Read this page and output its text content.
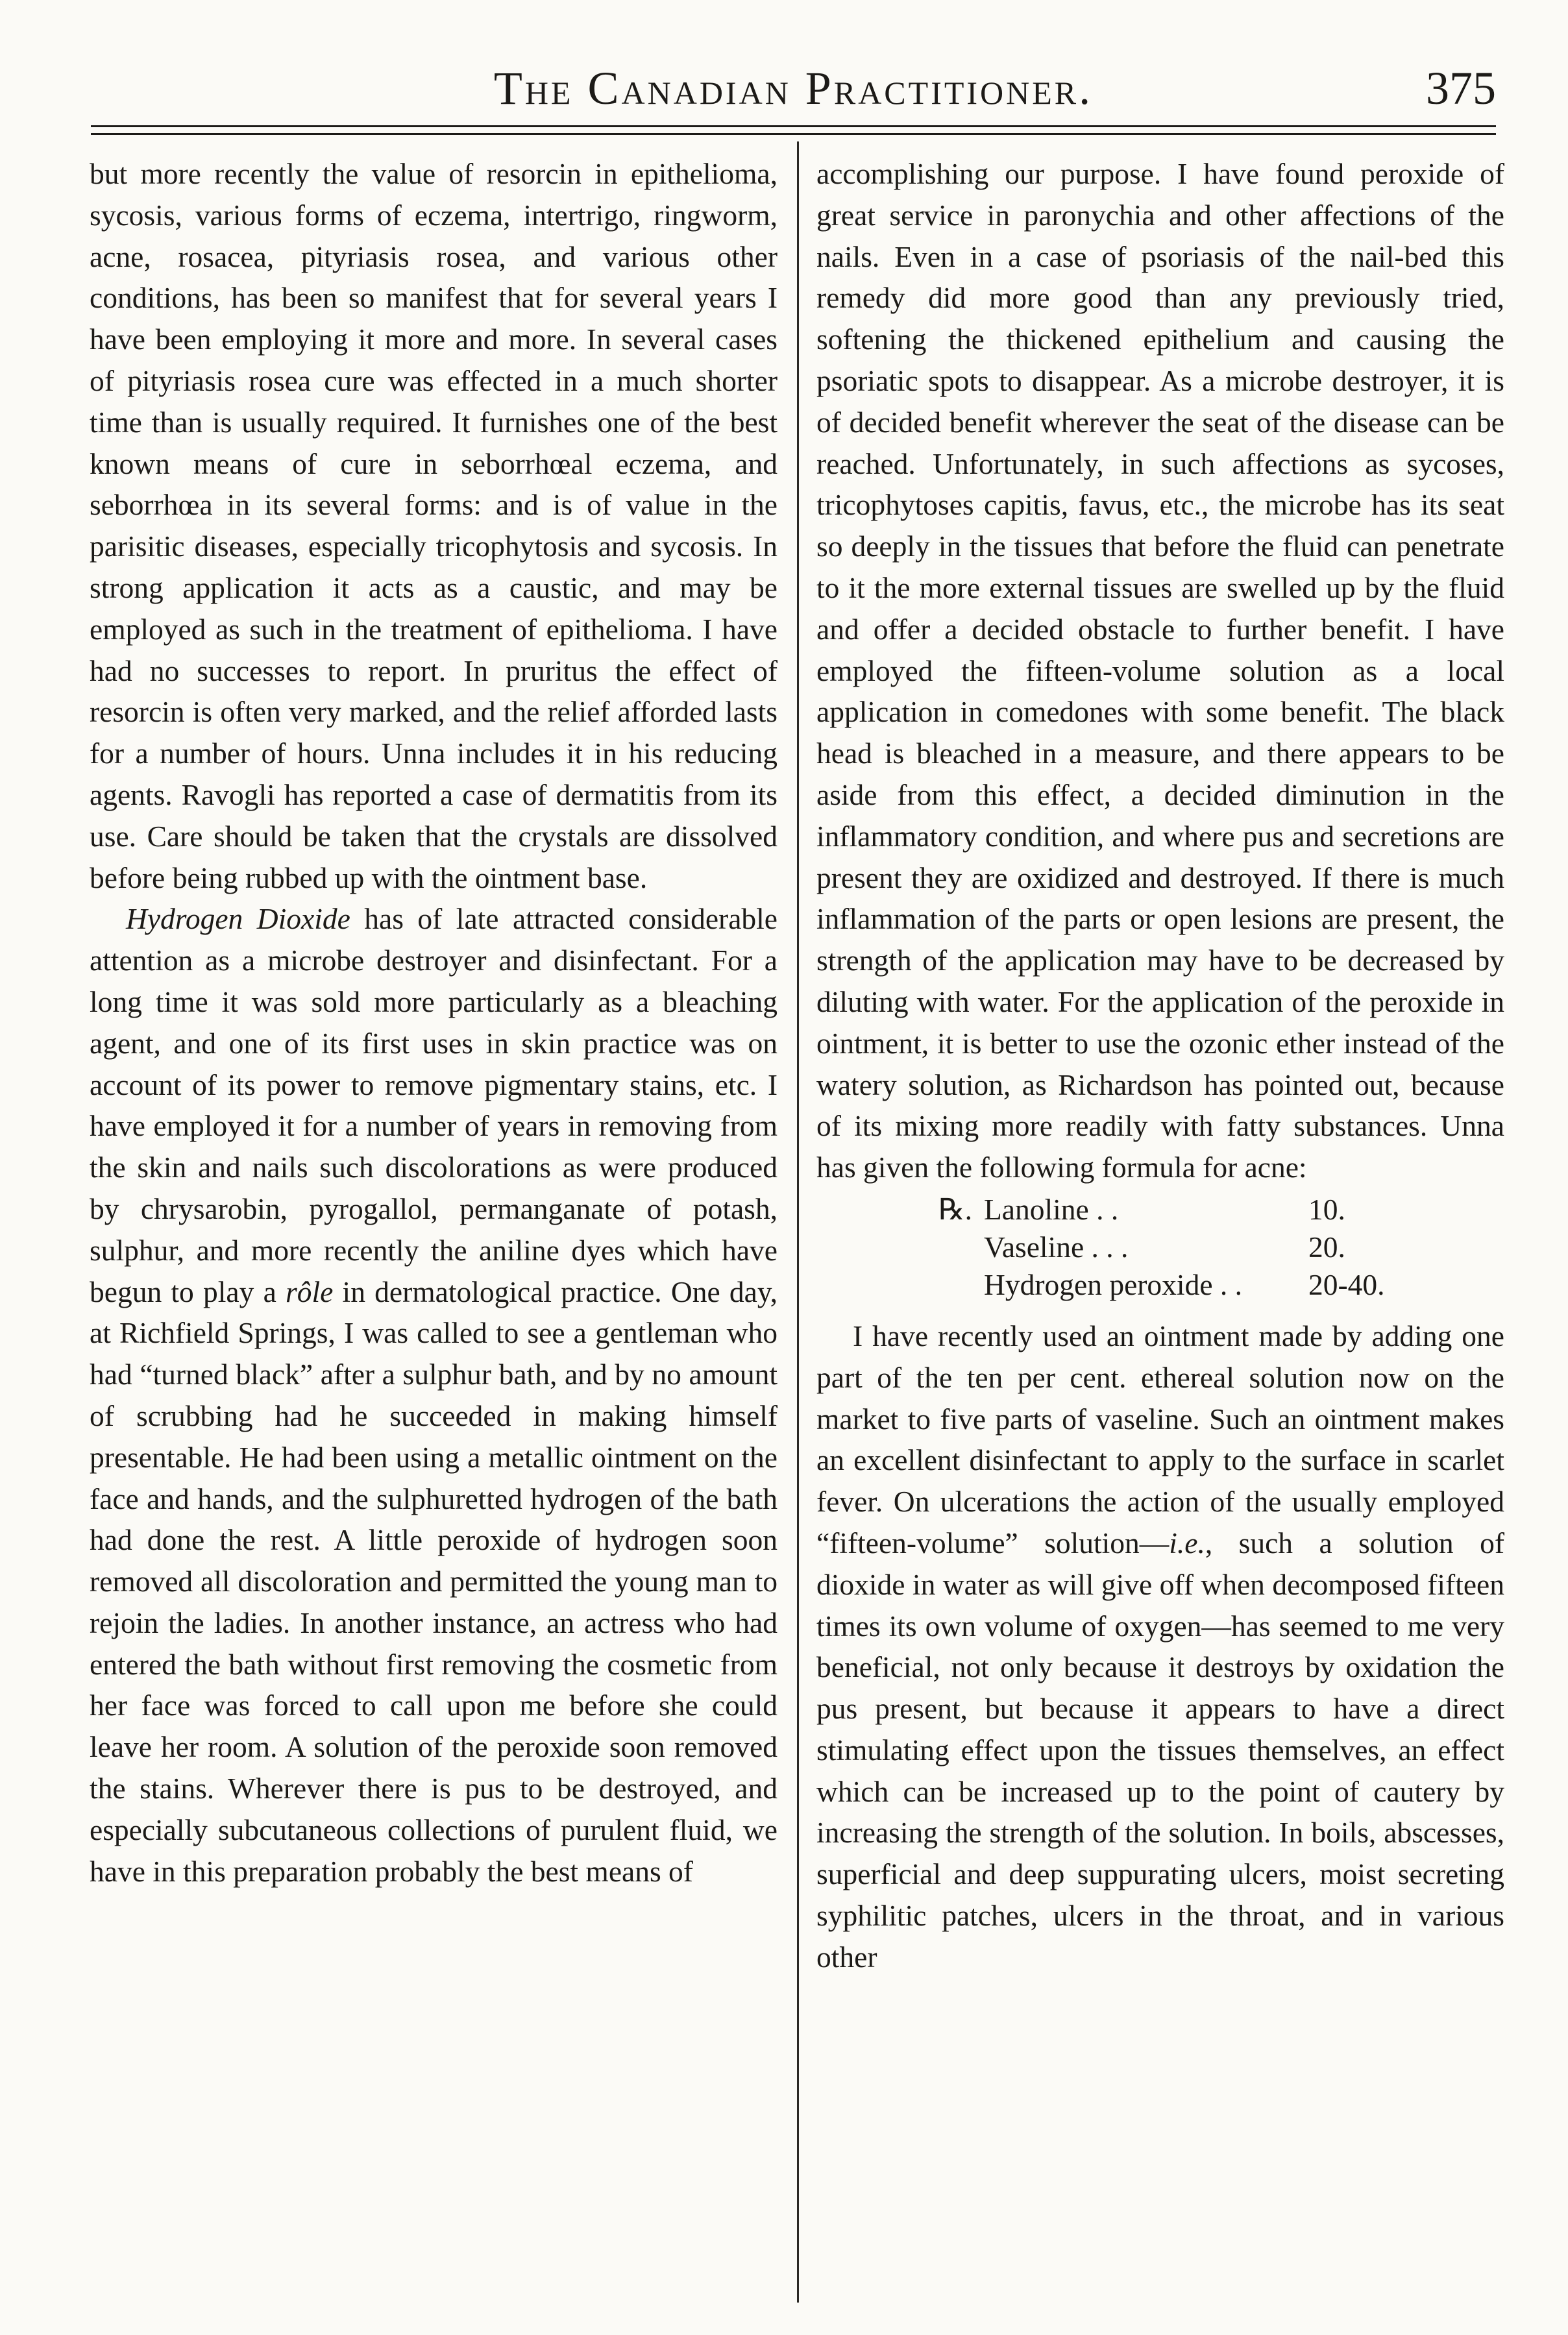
The Canadian Practitioner.	375

but more recently the value of resorcin in epithelioma, sycosis, various forms of eczema, intertrigo, ringworm, acne, rosacea, pityriasis rosea, and various other conditions, has been so manifest that for several years I have been employing it more and more. In several cases of pityriasis rosea cure was effected in a much shorter time than is usually required. It furnishes one of the best known means of cure in seborrhœal eczema, and seborrhœa in its several forms: and is of value in the parisitic diseases, especially tricophytosis and sycosis. In strong application it acts as a caustic, and may be employed as such in the treatment of epithelioma. I have had no successes to report. In pruritus the effect of resorcin is often very marked, and the relief afforded lasts for a number of hours. Unna includes it in his reducing agents. Ravogli has reported a case of dermatitis from its use. Care should be taken that the crystals are dissolved before being rubbed up with the ointment base.

Hydrogen Dioxide has of late attracted considerable attention as a microbe destroyer and disinfectant. For a long time it was sold more particularly as a bleaching agent, and one of its first uses in skin practice was on account of its power to remove pigmentary stains, etc. I have employed it for a number of years in removing from the skin and nails such discolorations as were produced by chrysarobin, pyrogallol, permanganate of potash, sulphur, and more recently the aniline dyes which have begun to play a rôle in dermatological practice. One day, at Richfield Springs, I was called to see a gentleman who had “turned black” after a sulphur bath, and by no amount of scrubbing had he succeeded in making himself presentable. He had been using a metallic ointment on the face and hands, and the sulphuretted hydrogen of the bath had done the rest. A little peroxide of hydrogen soon removed all discoloration and permitted the young man to rejoin the ladies. In another instance, an actress who had entered the bath without first removing the cosmetic from her face was forced to call upon me before she could leave her room. A solution of the peroxide soon removed the stains. Wherever there is pus to be destroyed, and especially subcutaneous collections of purulent fluid, we have in this preparation probably the best means of

accomplishing our purpose. I have found peroxide of great service in paronychia and other affections of the nails. Even in a case of psoriasis of the nail-bed this remedy did more good than any previously tried, softening the thickened epithelium and causing the psoriatic spots to disappear. As a microbe destroyer, it is of decided benefit wherever the seat of the disease can be reached. Unfortunately, in such affections as sycoses, tricophytoses capitis, favus, etc., the microbe has its seat so deeply in the tissues that before the fluid can penetrate to it the more external tissues are swelled up by the fluid and offer a decided obstacle to further benefit. I have employed the fifteen-volume solution as a local application in comedones with some benefit. The black head is bleached in a measure, and there appears to be aside from this effect, a decided diminution in the inflammatory condition, and where pus and secretions are present they are oxidized and destroyed. If there is much inflammation of the parts or open lesions are present, the strength of the application may have to be decreased by diluting with water. For the application of the peroxide in ointment, it is better to use the ozonic ether instead of the watery solution, as Richardson has pointed out, because of its mixing more readily with fatty substances. Unna has given the following formula for acne:

℞. Lanoline . .	10.
Vaseline . . .	20.
Hydrogen peroxide . .	20-40.

I have recently used an ointment made by adding one part of the ten per cent. ethereal solution now on the market to five parts of vaseline. Such an ointment makes an excellent disinfectant to apply to the surface in scarlet fever. On ulcerations the action of the usually employed “fifteen-volume” solution—i.e., such a solution of dioxide in water as will give off when decomposed fifteen times its own volume of oxygen—has seemed to me very beneficial, not only because it destroys by oxidation the pus present, but because it appears to have a direct stimulating effect upon the tissues themselves, an effect which can be increased up to the point of cautery by increasing the strength of the solution. In boils, abscesses, superficial and deep suppurating ulcers, moist secreting syphilitic patches, ulcers in the throat, and in various other
